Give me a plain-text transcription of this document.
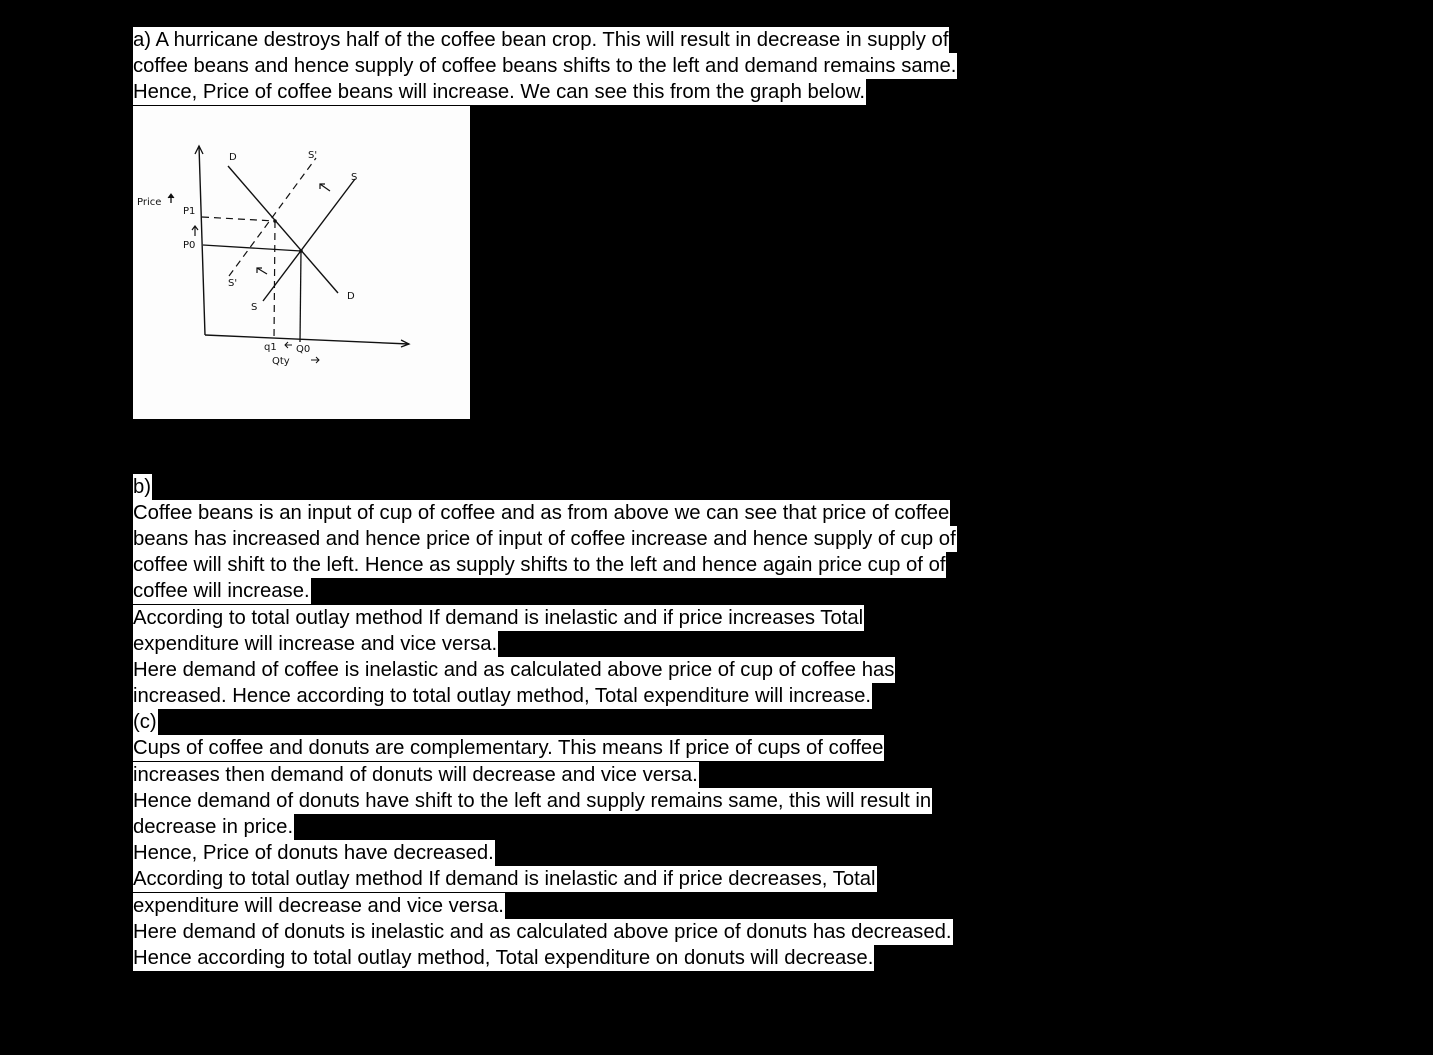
a) A hurricane destroys half of the coffee bean crop. This will result in decrease in supply of
coffee beans and hence supply of coffee beans shifts to the left and demand remains same.
Hence, Price of coffee beans will increase. We can see this from the graph below.
Price
P1
P0
D
D
S
S
S'
S'
q1 Q0
Qty
b)
Coffee beans is an input of cup of coffee and as from above we can see that price of coffee
beans has increased and hence price of input of coffee increase and hence supply of cup of
coffee will shift to the left. Hence as supply shifts to the left and hence again price cup of of
coffee will increase.
According to total outlay method If demand is inelastic and if price increases Total
expenditure will increase and vice versa.
Here demand of coffee is inelastic and as calculated above price of cup of coffee has
increased. Hence according to total outlay method, Total expenditure will increase.
(c)
Cups of coffee and donuts are complementary. This means If price of cups of coffee
increases then demand of donuts will decrease and vice versa.
Hence demand of donuts have shift to the left and supply remains same, this will result in
decrease in price.
Hence, Price of donuts have decreased.
According to total outlay method If demand is inelastic and if price decreases, Total
expenditure will decrease and vice versa.
Here demand of donuts is inelastic and as calculated above price of donuts has decreased.
Hence according to total outlay method, Total expenditure on donuts will decrease.
